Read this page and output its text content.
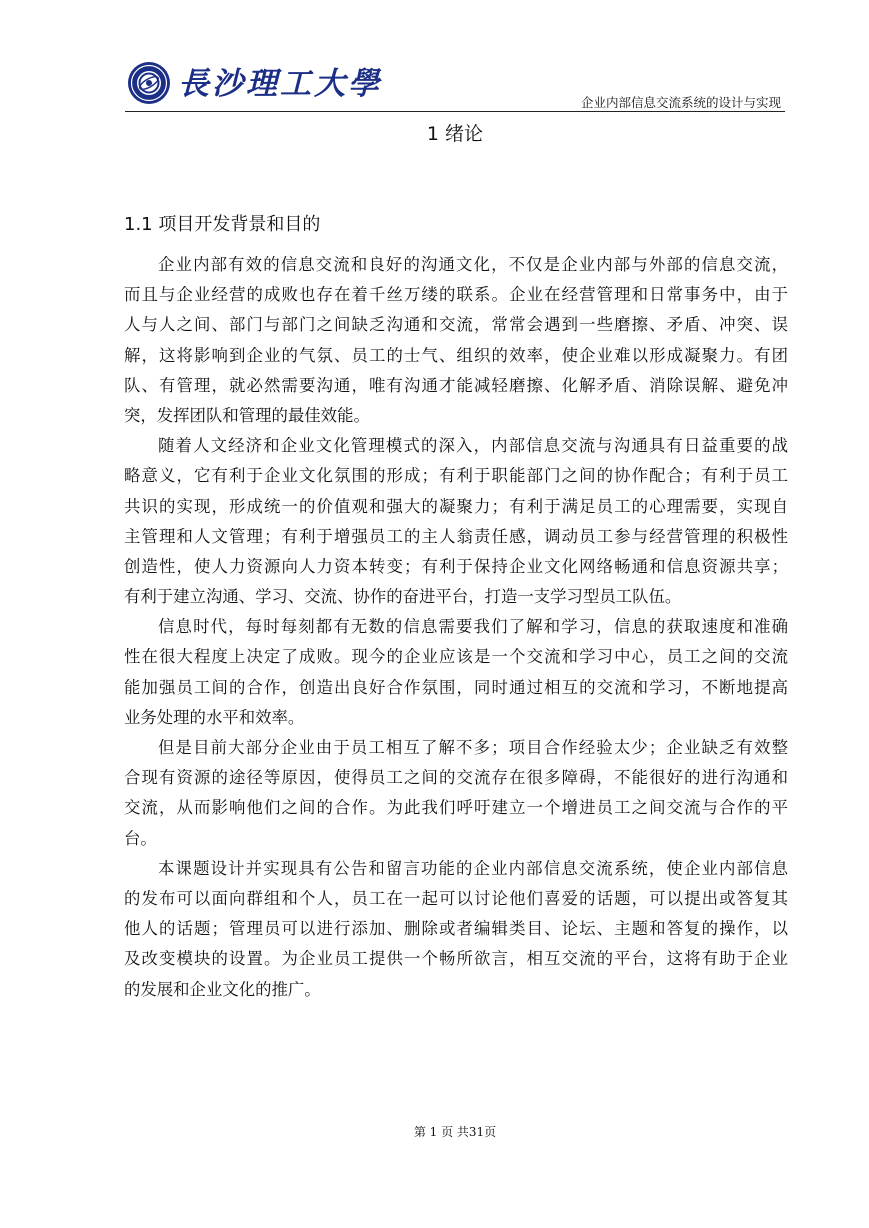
長沙理工大學
企业内部信息交流系统的设计与实现
1 绪论
1.1 项目开发背景和目的
企业内部有效的信息交流和良好的沟通文化，不仅是企业内部与外部的信息交流，
而且与企业经营的成败也存在着千丝万缕的联系。企业在经营管理和日常事务中，由于
人与人之间、部门与部门之间缺乏沟通和交流，常常会遇到一些磨擦、矛盾、冲突、误
解，这将影响到企业的气氛、员工的士气、组织的效率，使企业难以形成凝聚力。有团
队、有管理，就必然需要沟通，唯有沟通才能减轻磨擦、化解矛盾、消除误解、避免冲
突，发挥团队和管理的最佳效能。
随着人文经济和企业文化管理模式的深入，内部信息交流与沟通具有日益重要的战
略意义，它有利于企业文化氛围的形成；有利于职能部门之间的协作配合；有利于员工
共识的实现，形成统一的价值观和强大的凝聚力；有利于满足员工的心理需要，实现自
主管理和人文管理；有利于增强员工的主人翁责任感，调动员工参与经营管理的积极性
创造性，使人力资源向人力资本转变；有利于保持企业文化网络畅通和信息资源共享；
有利于建立沟通、学习、交流、协作的奋进平台，打造一支学习型员工队伍。
信息时代，每时每刻都有无数的信息需要我们了解和学习，信息的获取速度和准确
性在很大程度上决定了成败。现今的企业应该是一个交流和学习中心，员工之间的交流
能加强员工间的合作，创造出良好合作氛围，同时通过相互的交流和学习，不断地提高
业务处理的水平和效率。
但是目前大部分企业由于员工相互了解不多；项目合作经验太少；企业缺乏有效整
合现有资源的途径等原因，使得员工之间的交流存在很多障碍，不能很好的进行沟通和
交流，从而影响他们之间的合作。为此我们呼吁建立一个增进员工之间交流与合作的平
台。
本课题设计并实现具有公告和留言功能的企业内部信息交流系统，使企业内部信息
的发布可以面向群组和个人，员工在一起可以讨论他们喜爱的话题，可以提出或答复其
他人的话题；管理员可以进行添加、删除或者编辑类目、论坛、主题和答复的操作，以
及改变模块的设置。为企业员工提供一个畅所欲言，相互交流的平台，这将有助于企业
的发展和企业文化的推广。
第 1 页 共31页
